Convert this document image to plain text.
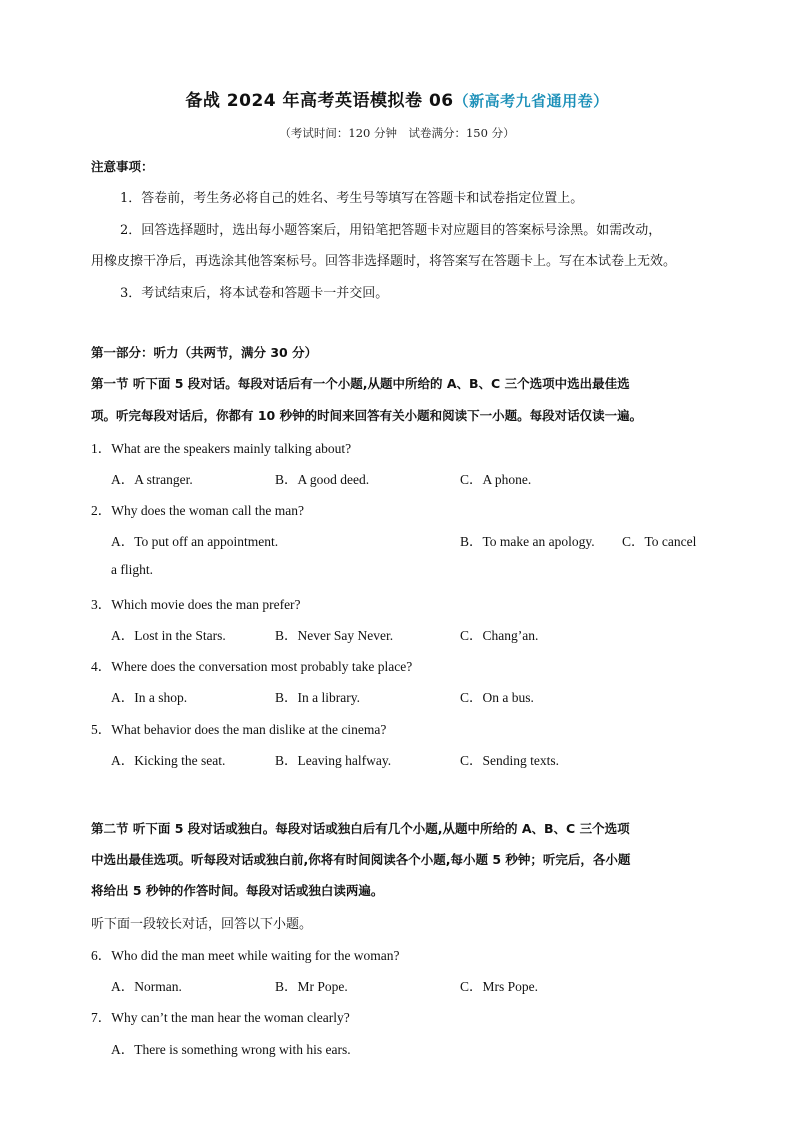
备战 2024 年高考英语模拟卷 06（新高考九省通用卷）
（考试时间：120 分钟　试卷满分：150 分）
注意事项：
1．答卷前，考生务必将自己的姓名、考生号等填写在答题卡和试卷指定位置上。
2．回答选择题时，选出每小题答案后，用铅笔把答题卡对应题目的答案标号涂黑。如需改动，
用橡皮擦干净后，再选涂其他答案标号。回答非选择题时，将答案写在答题卡上。写在本试卷上无效。
3．考试结束后，将本试卷和答题卡一并交回。
第一部分：听力（共两节，满分 30 分）
第一节 听下面 5 段对话。每段对话后有一个小题,从题中所给的 A、B、C 三个选项中选出最佳选
项。听完每段对话后，你都有 10 秒钟的时间来回答有关小题和阅读下一小题。每段对话仅读一遍。
1．What are the speakers mainly talking about?
A．A stranger.	B．A good deed.	C．A phone.
2．Why does the woman call the man?
A．To put off an appointment.	B．To make an apology. C．To cancel
a flight.
3．Which movie does the man prefer?
A．Lost in the Stars.	B．Never Say Never.	C．Chang’an.
4．Where does the conversation most probably take place?
A．In a shop.	B．In a library.	C．On a bus.
5．What behavior does the man dislike at the cinema?
A．Kicking the seat.	B．Leaving halfway.	C．Sending texts.
第二节 听下面 5 段对话或独白。每段对话或独白后有几个小题,从题中所给的 A、B、C 三个选项
中选出最佳选项。听每段对话或独白前,你将有时间阅读各个小题,每小题 5 秒钟；听完后，各小题
将给出 5 秒钟的作答时间。每段对话或独白读两遍。
听下面一段较长对话，回答以下小题。
6．Who did the man meet while waiting for the woman?
A．Norman.	B．Mr Pope.	C．Mrs Pope.
7．Why can’t the man hear the woman clearly?
A．There is something wrong with his ears.
